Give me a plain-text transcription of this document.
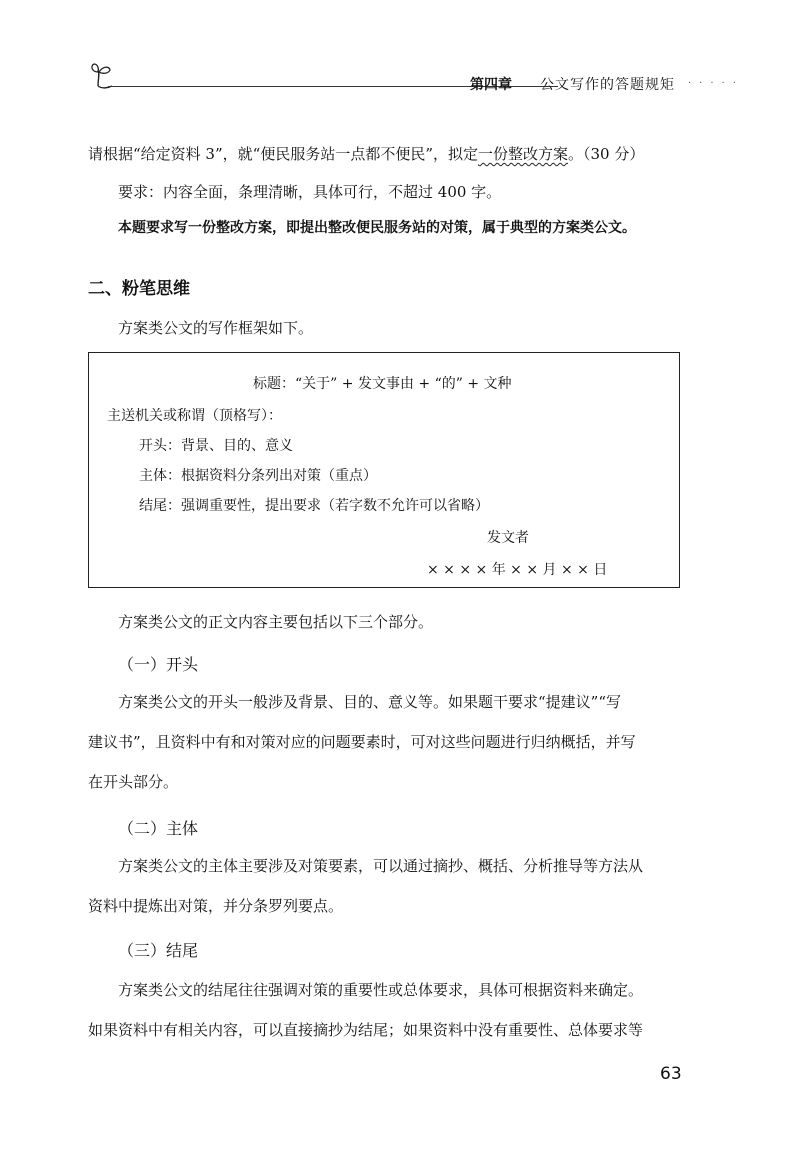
第四章 公文写作的答题规矩 ·····
请根据“给定资料 3”，就“便民服务站一点都不便民”，拟定一份整改方案。（30 分）
要求：内容全面，条理清晰，具体可行，不超过 400 字。
本题要求写一份整改方案，即提出整改便民服务站的对策，属于典型的方案类公文。
二、粉笔思维
方案类公文的写作框架如下。
标题：“关于” + 发文事由 + “的” + 文种
主送机关或称谓（顶格写）：
开头：背景、目的、意义
主体：根据资料分条列出对策（重点）
结尾：强调重要性，提出要求（若字数不允许可以省略）
发文者
× × × × 年 × × 月 × × 日
方案类公文的正文内容主要包括以下三个部分。
（一）开头
方案类公文的开头一般涉及背景、目的、意义等。如果题干要求“提建议”“写
建议书”，且资料中有和对策对应的问题要素时，可对这些问题进行归纳概括，并写
在开头部分。
（二）主体
方案类公文的主体主要涉及对策要素，可以通过摘抄、概括、分析推导等方法从
资料中提炼出对策，并分条罗列要点。
（三）结尾
方案类公文的结尾往往强调对策的重要性或总体要求，具体可根据资料来确定。
如果资料中有相关内容，可以直接摘抄为结尾；如果资料中没有重要性、总体要求等
63
